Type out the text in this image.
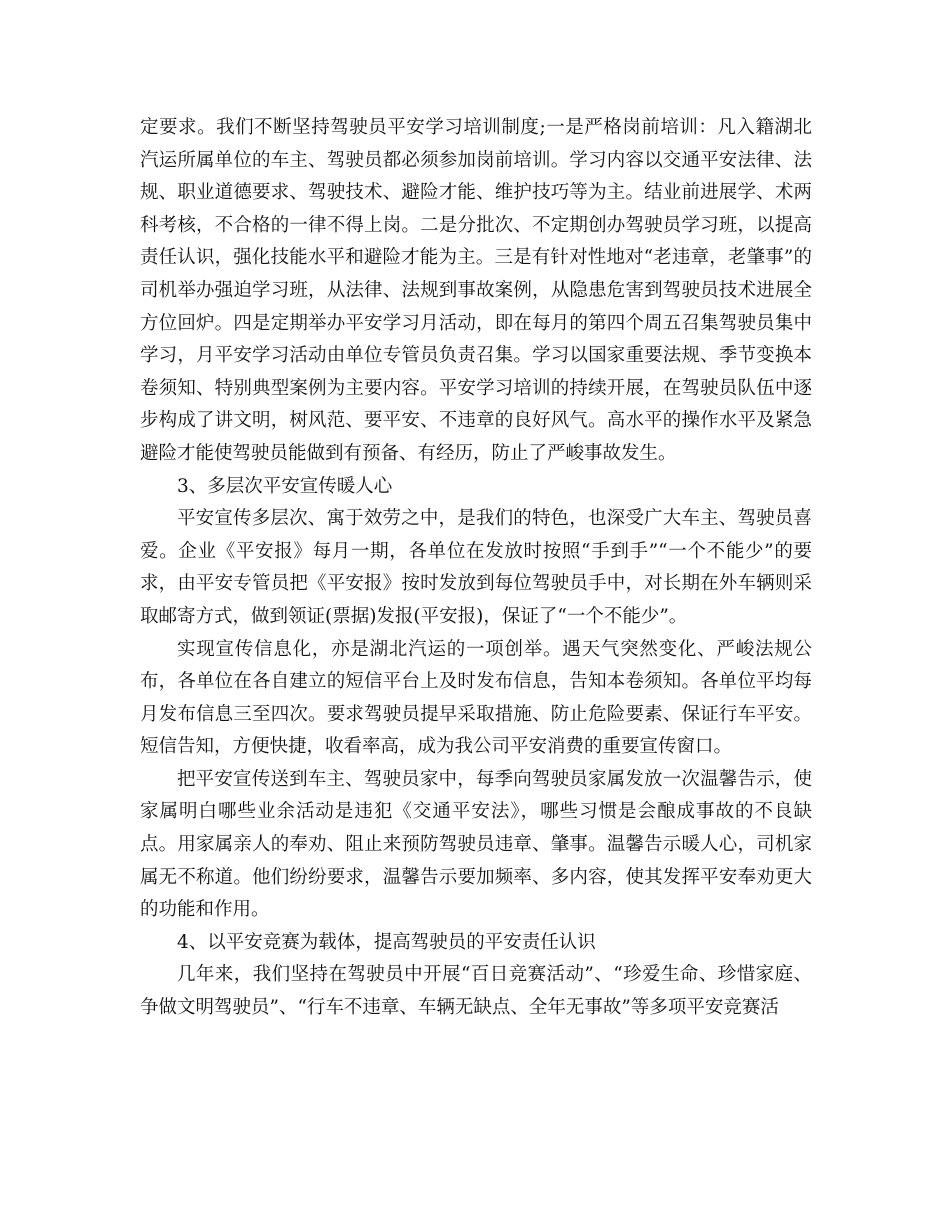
定要求。我们不断坚持驾驶员平安学习培训制度;一是严格岗前培训：凡入籍湖北汽运所属单位的车主、驾驶员都必须参加岗前培训。学习内容以交通平安法律、法规、职业道德要求、驾驶技术、避险才能、维护技巧等为主。结业前进展学、术两科考核，不合格的一律不得上岗。二是分批次、不定期创办驾驶员学习班，以提高责任认识，强化技能水平和避险才能为主。三是有针对性地对“老违章，老肇事”的司机举办强迫学习班，从法律、法规到事故案例，从隐患危害到驾驶员技术进展全方位回炉。四是定期举办平安学习月活动，即在每月的第四个周五召集驾驶员集中学习，月平安学习活动由单位专管员负责召集。学习以国家重要法规、季节变换本卷须知、特别典型案例为主要内容。平安学习培训的持续开展，在驾驶员队伍中逐步构成了讲文明，树风范、要平安、不违章的良好风气。高水平的操作水平及紧急避险才能使驾驶员能做到有预备、有经历，防止了严峻事故发生。

3、多层次平安宣传暖人心

平安宣传多层次、寓于效劳之中，是我们的特色，也深受广大车主、驾驶员喜爱。企业《平安报》每月一期，各单位在发放时按照“手到手”“一个不能少”的要求，由平安专管员把《平安报》按时发放到每位驾驶员手中，对长期在外车辆则采取邮寄方式，做到领证(票据)发报(平安报)，保证了“一个不能少”。

实现宣传信息化，亦是湖北汽运的一项创举。遇天气突然变化、严峻法规公布，各单位在各自建立的短信平台上及时发布信息，告知本卷须知。各单位平均每月发布信息三至四次。要求驾驶员提早采取措施、防止危险要素、保证行车平安。短信告知，方便快捷，收看率高，成为我公司平安消费的重要宣传窗口。

把平安宣传送到车主、驾驶员家中，每季向驾驶员家属发放一次温馨告示，使家属明白哪些业余活动是违犯《交通平安法》，哪些习惯是会酿成事故的不良缺点。用家属亲人的奉劝、阻止来预防驾驶员违章、肇事。温馨告示暖人心，司机家属无不称道。他们纷纷要求，温馨告示要加频率、多内容，使其发挥平安奉劝更大的功能和作用。

4、以平安竞赛为载体，提高驾驶员的平安责任认识

几年来，我们坚持在驾驶员中开展“百日竞赛活动”、“珍爱生命、珍惜家庭、争做文明驾驶员”、“行车不违章、车辆无缺点、全年无事故”等多项平安竞赛活
